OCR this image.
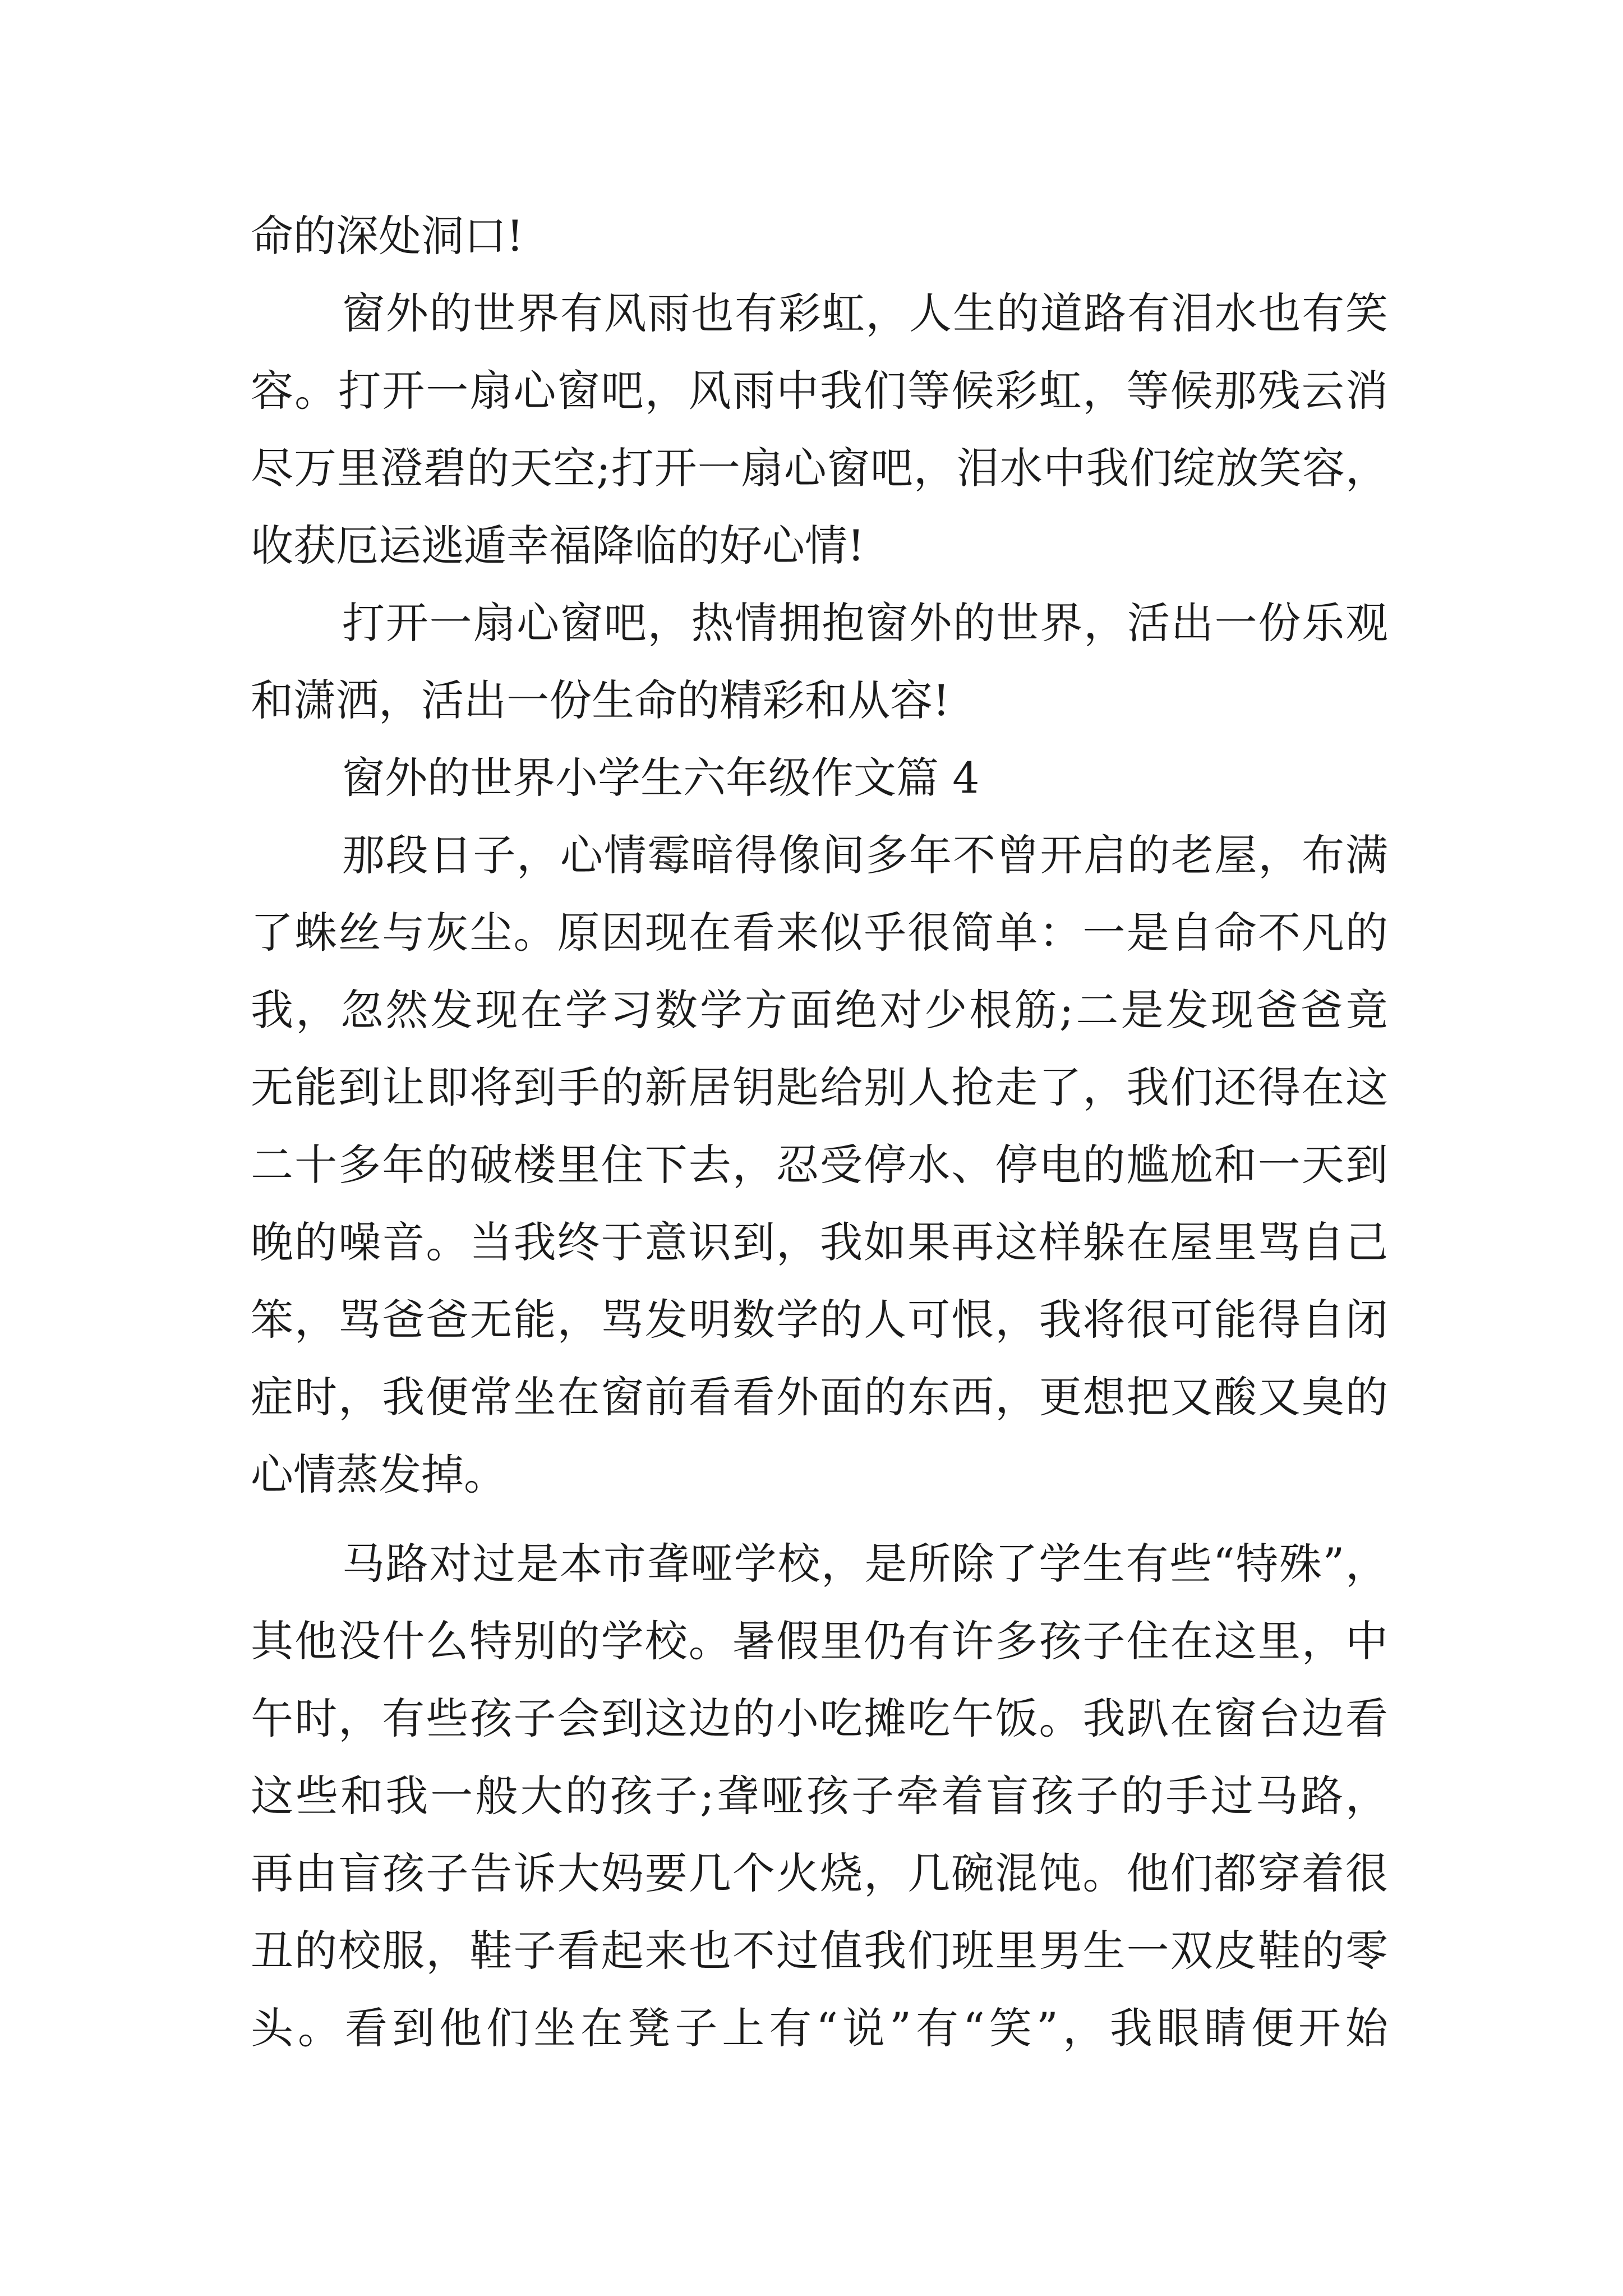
命的深处洞口!
窗外的世界有风雨也有彩虹，人生的道路有泪水也有笑
容。打开一扇心窗吧，风雨中我们等候彩虹，等候那残云消
尽万里澄碧的天空;打开一扇心窗吧，泪水中我们绽放笑容，
收获厄运逃遁幸福降临的好心情!
打开一扇心窗吧，热情拥抱窗外的世界，活出一份乐观
和潇洒，活出一份生命的精彩和从容!
窗外的世界小学生六年级作文篇 4
那段日子，心情霉暗得像间多年不曾开启的老屋，布满
了蛛丝与灰尘。原因现在看来似乎很简单：一是自命不凡的
我，忽然发现在学习数学方面绝对少根筋;二是发现爸爸竟
无能到让即将到手的新居钥匙给别人抢走了，我们还得在这
二十多年的破楼里住下去，忍受停水、停电的尴尬和一天到
晚的噪音。当我终于意识到，我如果再这样躲在屋里骂自己
笨，骂爸爸无能，骂发明数学的人可恨，我将很可能得自闭
症时，我便常坐在窗前看看外面的东西，更想把又酸又臭的
心情蒸发掉。
马路对过是本市聋哑学校，是所除了学生有些“特殊”，
其他没什么特别的学校。暑假里仍有许多孩子住在这里，中
午时，有些孩子会到这边的小吃摊吃午饭。我趴在窗台边看
这些和我一般大的孩子;聋哑孩子牵着盲孩子的手过马路，
再由盲孩子告诉大妈要几个火烧，几碗混饨。他们都穿着很
丑的校服，鞋子看起来也不过值我们班里男生一双皮鞋的零
头。看到他们坐在凳子上有“说”有“笑”，我眼睛便开始
